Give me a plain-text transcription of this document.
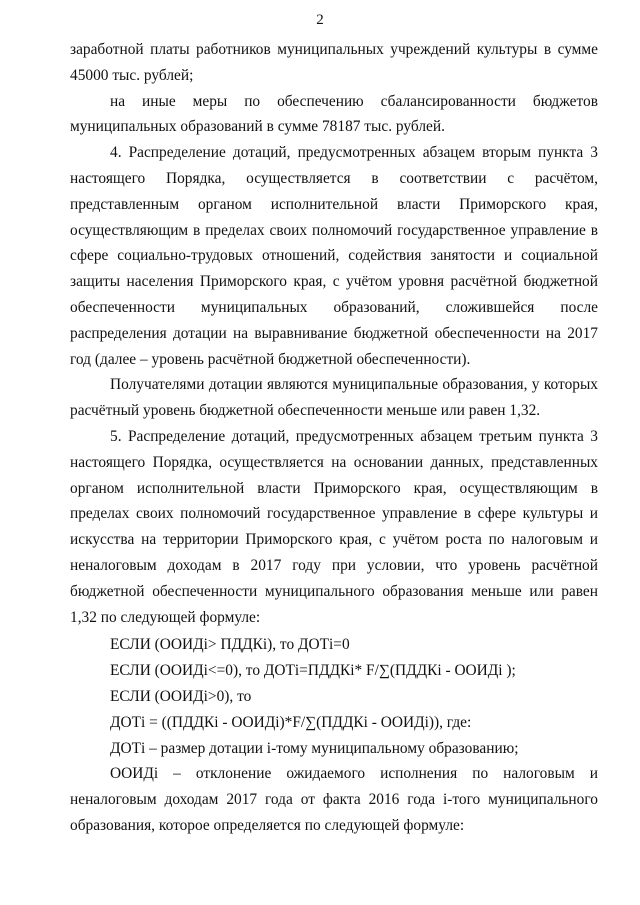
2

заработной платы работников муниципальных учреждений культуры в сумме 45000 тыс. рублей;

на иные меры по обеспечению сбалансированности бюджетов муниципальных образований в сумме 78187 тыс. рублей.

4. Распределение дотаций, предусмотренных абзацем вторым пункта 3 настоящего Порядка, осуществляется в соответствии с расчётом, представленным органом исполнительной власти Приморского края, осуществляющим в пределах своих полномочий государственное управление в сфере социально-трудовых отношений, содействия занятости и социальной защиты населения Приморского края, с учётом уровня расчётной бюджетной обеспеченности муниципальных образований, сложившейся после распределения дотации на выравнивание бюджетной обеспеченности на 2017 год (далее – уровень расчётной бюджетной обеспеченности).

Получателями дотации являются муниципальные образования, у которых расчётный уровень бюджетной обеспеченности меньше или равен 1,32.

5. Распределение дотаций, предусмотренных абзацем третьим пункта 3 настоящего Порядка, осуществляется на основании данных, представленных органом исполнительной власти Приморского края, осуществляющим в пределах своих полномочий государственное управление в сфере культуры и искусства на территории Приморского края, с учётом роста по налоговым и неналоговым доходам в 2017 году при условии, что уровень расчётной бюджетной обеспеченности муниципального образования меньше или равен 1,32 по следующей формуле:

ЕСЛИ (ООИДi> ПДДКi), то ДОТi=0

ЕСЛИ (ООИДi<=0), то ДОТi=ПДДКi* F/∑(ПДДКi - ООИДi );

ЕСЛИ (ООИДi>0), то

ДОТi = ((ПДДКi - ООИДi)*F/∑(ПДДКi - ООИДi)), где:

ДОТi – размер дотации i-тому муниципальному образованию;

ООИДi – отклонение ожидаемого исполнения по налоговым и неналоговым доходам 2017 года от факта 2016 года i-того муниципального образования, которое определяется по следующей формуле:
